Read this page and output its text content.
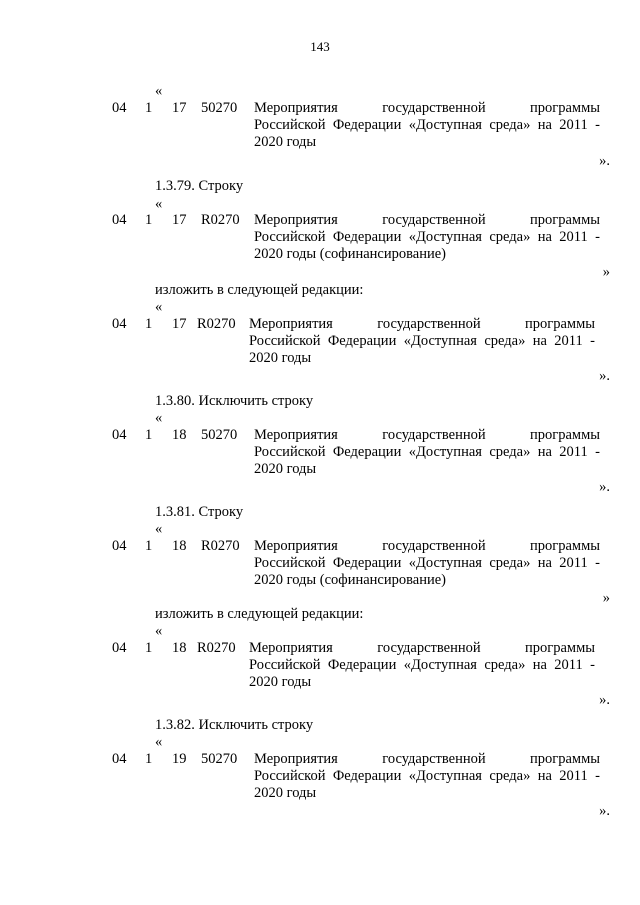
143
«
04 1 17 50270 Мероприятия государственной программы
Российской Федерации «Доступная среда» на 2011 -
2020 годы
».
1.3.79. Строку
«
04 1 17 R0270 Мероприятия государственной программы
Российской Федерации «Доступная среда» на 2011 -
2020 годы (софинансирование)
»
изложить в следующей редакции:
«
04 1 17 R0270 Мероприятия государственной программы
Российской Федерации «Доступная среда» на 2011 -
2020 годы
».
1.3.80. Исключить строку
«
04 1 18 50270 Мероприятия государственной программы
Российской Федерации «Доступная среда» на 2011 -
2020 годы
».
1.3.81. Строку
«
04 1 18 R0270 Мероприятия государственной программы
Российской Федерации «Доступная среда» на 2011 -
2020 годы (софинансирование)
»
изложить в следующей редакции:
«
04 1 18 R0270 Мероприятия государственной программы
Российской Федерации «Доступная среда» на 2011 -
2020 годы
».
1.3.82. Исключить строку
«
04 1 19 50270 Мероприятия государственной программы
Российской Федерации «Доступная среда» на 2011 -
2020 годы
».
